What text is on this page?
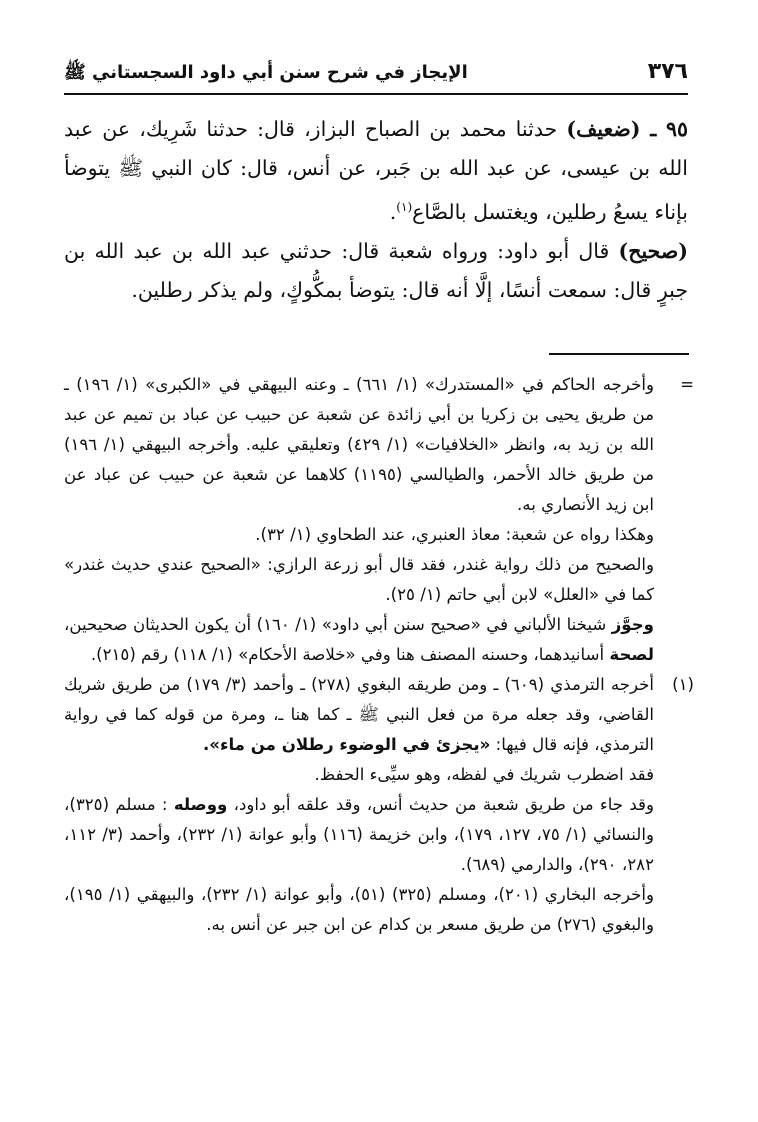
٣٧٦
الإيجاز في شرح سنن أبي داود السجستاني ﷺ

٩٥ ـ (ضعيف) حدثنا محمد بن الصباح البزاز، قال: حدثنا شَرِيك، عن عبد الله بن عيسى، عن عبد الله بن جَبر، عن أنس، قال: كان النبي ﷺ يتوضأ بإناء يسعُ رطلين، ويغتسل بالصَّاع$^{(١)}$.

(صحيح) قال أبو داود: ورواه شعبة قال: حدثني عبد الله بن عبد الله بن جبرٍ قال: سمعت أنسًا، إلَّا أنه قال: يتوضأ بمكُّوكٍ، ولم يذكر رطلين.

=

وأخرجه الحاكم في «المستدرك» (١/ ٦٦١) ـ وعنه البيهقي في «الكبرى» (١/ ١٩٦) ـ من طريق يحيى بن زكريا بن أبي زائدة عن شعبة عن حبيب عن عباد بن تميم عن عبد الله بن زيد به، وانظر «الخلافيات» (١/ ٤٢٩) وتعليقي عليه. وأخرجه البيهقي (١/ ١٩٦) من طريق خالد الأحمر، والطيالسي (١١٩٥) كلاهما عن شعبة عن حبيب عن عباد عن ابن زيد الأنصاري به.

وهكذا رواه عن شعبة: معاذ العنبري، عند الطحاوي (١/ ٣٢).

والصحيح من ذلك رواية غندر، فقد قال أبو زرعة الرازي: «الصحيح عندي حديث غندر» كما في «العلل» لابن أبي حاتم (١/ ٢٥).

وجوَّز شيخنا الألباني في «صحيح سنن أبي داود» (١/ ١٦٠) أن يكون الحديثان صحيحين، لصحة أسانيدهما، وحسنه المصنف هنا وفي «خلاصة الأحكام» (١/ ١١٨) رقم (٢١٥).

(١)

أخرجه الترمذي (٦٠٩) ـ ومن طريقه البغوي (٢٧٨) ـ وأحمد (٣/ ١٧٩) من طريق شريك القاضي، وقد جعله مرة من فعل النبي ﷺ ـ كما هنا ـ، ومرة من قوله كما في رواية الترمذي، فإنه قال فيها: «يجزئ في الوضوء رطلان من ماء».

فقد اضطرب شريك في لفظه، وهو سيِّىء الحفظ.

وقد جاء من طريق شعبة من حديث أنس، وقد علقه أبو داود، ووصله : مسلم (٣٢٥)، والنسائي (١/ ٧٥، ١٢٧، ١٧٩)، وابن خزيمة (١١٦) وأبو عوانة (١/ ٢٣٢)، وأحمد (٣/ ١١٢، ٢٨٢، ٢٩٠)، والدارمي (٦٨٩).

وأخرجه البخاري (٢٠١)، ومسلم (٣٢٥) (٥١)، وأبو عوانة (١/ ٢٣٢)، والبيهقي (١/ ١٩٥)، والبغوي (٢٧٦) من طريق مسعر بن كدام عن ابن جبر عن أنس به.
